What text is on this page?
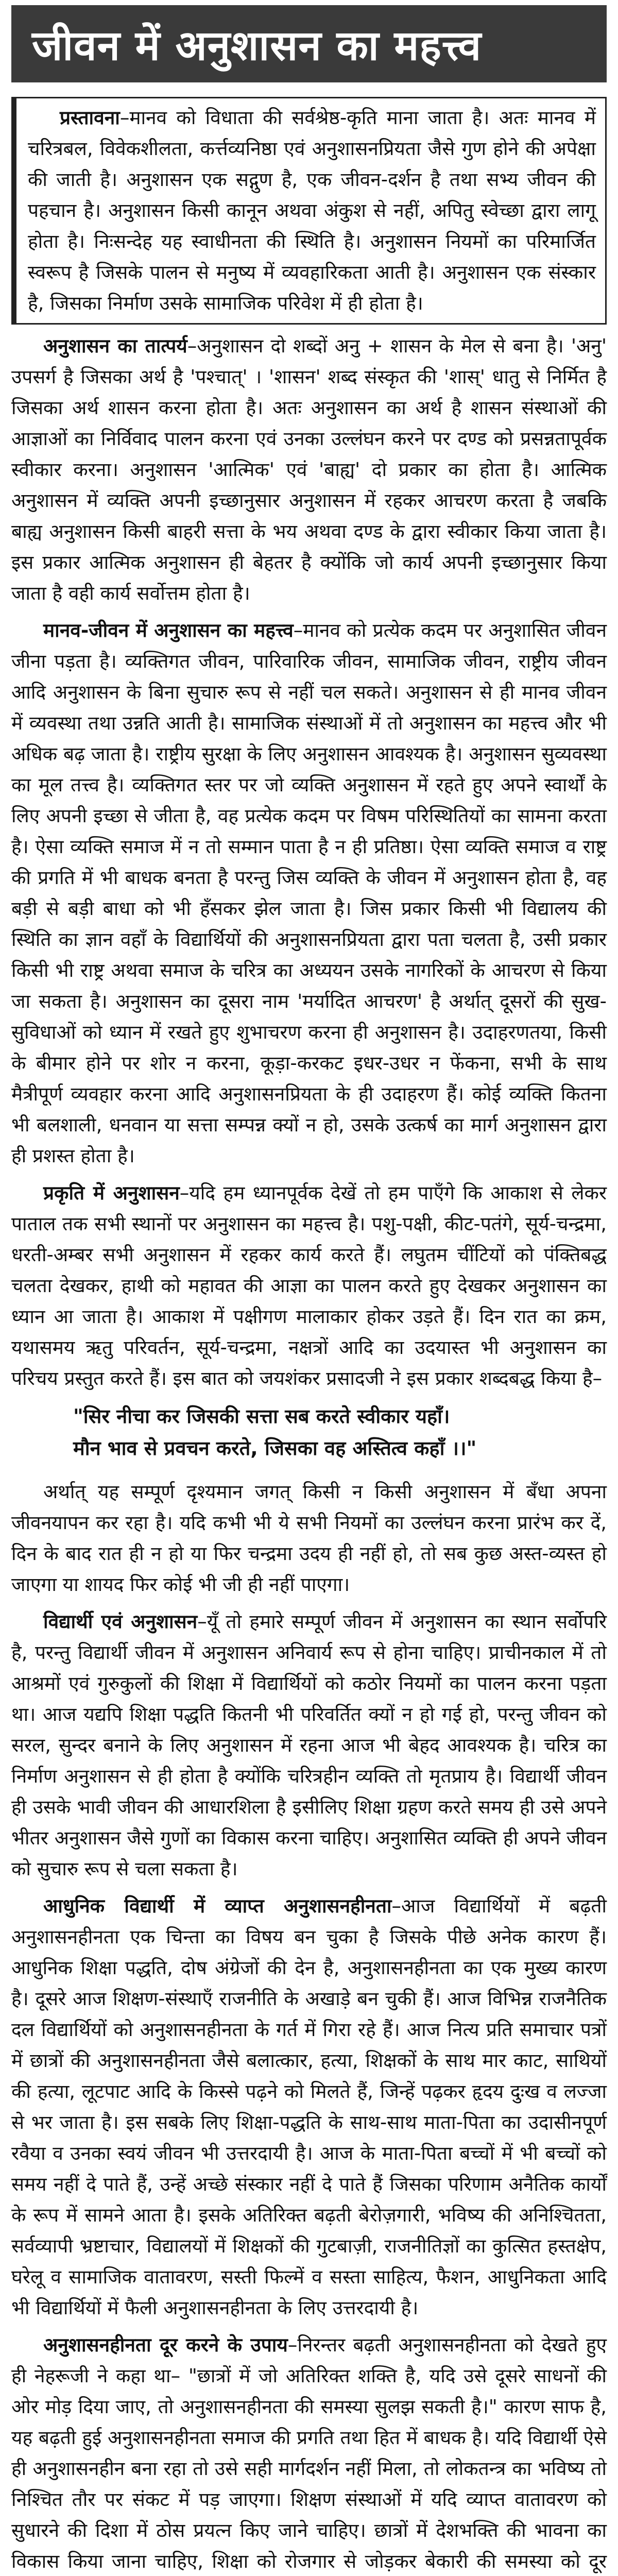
जीवन में अनुशासन का महत्त्व

प्रस्तावना–मानव को विधाता की सर्वश्रेष्ठ-कृति माना जाता है। अतः मानव में चरित्रबल, विवेकशीलता, कर्त्तव्यनिष्ठा एवं अनुशासनप्रियता जैसे गुण होने की अपेक्षा की जाती है। अनुशासन एक सद्गुण है, एक जीवन-दर्शन है तथा सभ्य जीवन की पहचान है। अनुशासन किसी कानून अथवा अंकुश से नहीं, अपितु स्वेच्छा द्वारा लागू होता है। निःसन्देह यह स्वाधीनता की स्थिति है। अनुशासन नियमों का परिमार्जित स्वरूप है जिसके पालन से मनुष्य में व्यवहारिकता आती है। अनुशासन एक संस्कार है, जिसका निर्माण उसके सामाजिक परिवेश में ही होता है।

अनुशासन का तात्पर्य–अनुशासन दो शब्दों अनु + शासन के मेल से बना है। 'अनु' उपसर्ग है जिसका अर्थ है 'पश्चात्' । 'शासन' शब्द संस्कृत की 'शास्' धातु से निर्मित है जिसका अर्थ शासन करना होता है। अतः अनुशासन का अर्थ है शासन संस्थाओं की आज्ञाओं का निर्विवाद पालन करना एवं उनका उल्लंघन करने पर दण्ड को प्रसन्नतापूर्वक स्वीकार करना। अनुशासन 'आत्मिक' एवं 'बाह्य' दो प्रकार का होता है। आत्मिक अनुशासन में व्यक्ति अपनी इच्छानुसार अनुशासन में रहकर आचरण करता है जबकि बाह्य अनुशासन किसी बाहरी सत्ता के भय अथवा दण्ड के द्वारा स्वीकार किया जाता है। इस प्रकार आत्मिक अनुशासन ही बेहतर है क्योंकि जो कार्य अपनी इच्छानुसार किया जाता है वही कार्य सर्वोत्तम होता है।

मानव-जीवन में अनुशासन का महत्त्व–मानव को प्रत्येक कदम पर अनुशासित जीवन जीना पड़ता है। व्यक्तिगत जीवन, पारिवारिक जीवन, सामाजिक जीवन, राष्ट्रीय जीवन आदि अनुशासन के बिना सुचारु रूप से नहीं चल सकते। अनुशासन से ही मानव जीवन में व्यवस्था तथा उन्नति आती है। सामाजिक संस्थाओं में तो अनुशासन का महत्त्व और भी अधिक बढ़ जाता है। राष्ट्रीय सुरक्षा के लिए अनुशासन आवश्यक है। अनुशासन सुव्यवस्था का मूल तत्त्व है। व्यक्तिगत स्तर पर जो व्यक्ति अनुशासन में रहते हुए अपने स्वार्थों के लिए अपनी इच्छा से जीता है, वह प्रत्येक कदम पर विषम परिस्थितियों का सामना करता है। ऐसा व्यक्ति समाज में न तो सम्मान पाता है न ही प्रतिष्ठा। ऐसा व्यक्ति समाज व राष्ट्र की प्रगति में भी बाधक बनता है परन्तु जिस व्यक्ति के जीवन में अनुशासन होता है, वह बड़ी से बड़ी बाधा को भी हँसकर झेल जाता है। जिस प्रकार किसी भी विद्यालय की स्थिति का ज्ञान वहाँ के विद्यार्थियों की अनुशासनप्रियता द्वारा पता चलता है, उसी प्रकार किसी भी राष्ट्र अथवा समाज के चरित्र का अध्ययन उसके नागरिकों के आचरण से किया जा सकता है। अनुशासन का दूसरा नाम 'मर्यादित आचरण' है अर्थात् दूसरों की सुख-सुविधाओं को ध्यान में रखते हुए शुभाचरण करना ही अनुशासन है। उदाहरणतया, किसी के बीमार होने पर शोर न करना, कूड़ा-करकट इधर-उधर न फेंकना, सभी के साथ मैत्रीपूर्ण व्यवहार करना आदि अनुशासनप्रियता के ही उदाहरण हैं। कोई व्यक्ति कितना भी बलशाली, धनवान या सत्ता सम्पन्न क्यों न हो, उसके उत्कर्ष का मार्ग अनुशासन द्वारा ही प्रशस्त होता है।

प्रकृति में अनुशासन–यदि हम ध्यानपूर्वक देखें तो हम पाएँगे कि आकाश से लेकर पाताल तक सभी स्थानों पर अनुशासन का महत्त्व है। पशु-पक्षी, कीट-पतंगे, सूर्य-चन्द्रमा, धरती-अम्बर सभी अनुशासन में रहकर कार्य करते हैं। लघुतम चींटियों को पंक्तिबद्ध चलता देखकर, हाथी को महावत की आज्ञा का पालन करते हुए देखकर अनुशासन का ध्यान आ जाता है। आकाश में पक्षीगण मालाकार होकर उड़ते हैं। दिन रात का क्रम, यथासमय ऋतु परिवर्तन, सूर्य-चन्द्रमा, नक्षत्रों आदि का उदयास्त भी अनुशासन का परिचय प्रस्तुत करते हैं। इस बात को जयशंकर प्रसादजी ने इस प्रकार शब्दबद्ध किया है–

"सिर नीचा कर जिसकी सत्ता सब करते स्वीकार यहाँ।
मौन भाव से प्रवचन करते, जिसका वह अस्तित्व कहाँ ।।"

अर्थात् यह सम्पूर्ण दृश्यमान जगत् किसी न किसी अनुशासन में बँधा अपना जीवनयापन कर रहा है। यदि कभी भी ये सभी नियमों का उल्लंघन करना प्रारंभ कर दें, दिन के बाद रात ही न हो या फिर चन्द्रमा उदय ही नहीं हो, तो सब कुछ अस्त-व्यस्त हो जाएगा या शायद फिर कोई भी जी ही नहीं पाएगा।

विद्यार्थी एवं अनुशासन–यूँ तो हमारे सम्पूर्ण जीवन में अनुशासन का स्थान सर्वोपरि है, परन्तु विद्यार्थी जीवन में अनुशासन अनिवार्य रूप से होना चाहिए। प्राचीनकाल में तो आश्रमों एवं गुरुकुलों की शिक्षा में विद्यार्थियों को कठोर नियमों का पालन करना पड़ता था। आज यद्यपि शिक्षा पद्धति कितनी भी परिवर्तित क्यों न हो गई हो, परन्तु जीवन को सरल, सुन्दर बनाने के लिए अनुशासन में रहना आज भी बेहद आवश्यक है। चरित्र का निर्माण अनुशासन से ही होता है क्योंकि चरित्रहीन व्यक्ति तो मृतप्राय है। विद्यार्थी जीवन ही उसके भावी जीवन की आधारशिला है इसीलिए शिक्षा ग्रहण करते समय ही उसे अपने भीतर अनुशासन जैसे गुणों का विकास करना चाहिए। अनुशासित व्यक्ति ही अपने जीवन को सुचारु रूप से चला सकता है।

आधुनिक विद्यार्थी में व्याप्त अनुशासनहीनता–आज विद्यार्थियों में बढ़ती अनुशासनहीनता एक चिन्ता का विषय बन चुका है जिसके पीछे अनेक कारण हैं। आधुनिक शिक्षा पद्धति, दोष अंग्रेजों की देन है, अनुशासनहीनता का एक मुख्य कारण है। दूसरे आज शिक्षण-संस्थाएँ राजनीति के अखाड़े बन चुकी हैं। आज विभिन्न राजनैतिक दल विद्यार्थियों को अनुशासनहीनता के गर्त में गिरा रहे हैं। आज नित्य प्रति समाचार पत्रों में छात्रों की अनुशासनहीनता जैसे बलात्कार, हत्या, शिक्षकों के साथ मार काट, साथियों की हत्या, लूटपाट आदि के किस्से पढ़ने को मिलते हैं, जिन्हें पढ़कर हृदय दुःख व लज्जा से भर जाता है। इस सबके लिए शिक्षा-पद्धति के साथ-साथ माता-पिता का उदासीनपूर्ण रवैया व उनका स्वयं जीवन भी उत्तरदायी है। आज के माता-पिता बच्चों में भी बच्चों को समय नहीं दे पाते हैं, उन्हें अच्छे संस्कार नहीं दे पाते हैं जिसका परिणाम अनैतिक कार्यों के रूप में सामने आता है। इसके अतिरिक्त बढ़ती बेरोज़गारी, भविष्य की अनिश्चितता, सर्वव्यापी भ्रष्टाचार, विद्यालयों में शिक्षकों की गुटबाज़ी, राजनीतिज्ञों का कुत्सित हस्तक्षेप, घरेलू व सामाजिक वातावरण, सस्ती फिल्में व सस्ता साहित्य, फैशन, आधुनिकता आदि भी विद्यार्थियों में फैली अनुशासनहीनता के लिए उत्तरदायी है।

अनुशासनहीनता दूर करने के उपाय–निरन्तर बढ़ती अनुशासनहीनता को देखते हुए ही नेहरूजी ने कहा था– "छात्रों में जो अतिरिक्त शक्ति है, यदि उसे दूसरे साधनों की ओर मोड़ दिया जाए, तो अनुशासनहीनता की समस्या सुलझ सकती है।" कारण साफ है, यह बढ़ती हुई अनुशासनहीनता समाज की प्रगति तथा हित में बाधक है। यदि विद्यार्थी ऐसे ही अनुशासनहीन बना रहा तो उसे सही मार्गदर्शन नहीं मिला, तो लोकतन्त्र का भविष्य तो निश्चित तौर पर संकट में पड़ जाएगा। शिक्षण संस्थाओं में यदि व्याप्त वातावरण को सुधारने की दिशा में ठोस प्रयत्न किए जाने चाहिए। छात्रों में देशभक्ति की भावना का विकास किया जाना चाहिए, शिक्षा को रोजगार से जोड़कर बेकारी की समस्या को दूर
